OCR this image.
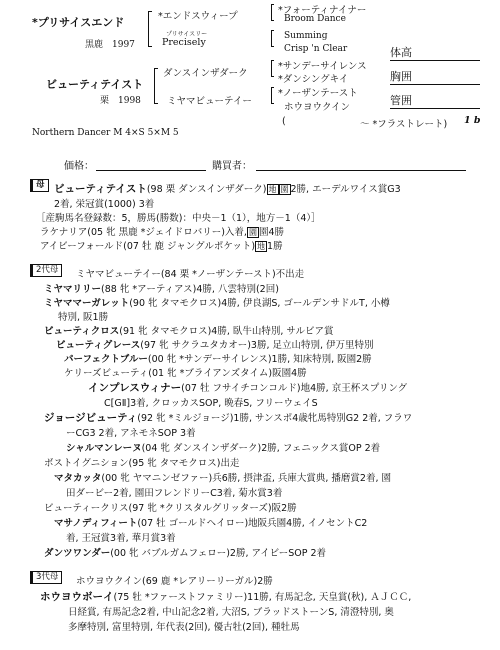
*プリサイスエンド
黒鹿　1997
*エンドスウィープ
プリサイスリー
Precisely
*フォーティナイナー
Broom Dance
Summing
Crisp 'n Clear
ビューティテイスト
栗　1998
ダンスインザダーク
ミヤマビューテイー
*サンデーサイレンス
*ダンシングキイ
*ノーザンテースト
ホウヨウクイン
(	～ *フラストレート) 1 b
体高
胸囲
管囲
Northern Dancer M 4×S 5×M 5
価格：	購買者：
母 ビューティテイスト(98 栗 ダンスインザダーク) 地 園 2勝, エーデルワイス賞G3
2着, 栄冠賞(1000) 3着
［産駒馬名登録数：5，勝馬(勝数)：中央－1（1），地方－1（4）］
ラケナリア(05 牝 黒鹿 *ジェイドロバリー)入着, 園 園4勝
アイビーフォールド(07 牡 鹿 ジャングルポケット) 地 1勝
2代母	ミヤマビューテイー(84 栗 *ノーザンテースト)不出走
ミヤマリリー(88 牝 *アーティアス)4勝, 八雲特別(2回)
ミヤママーガレット(90 牝 タマモクロス)4勝, 伊良湖S, ゴールデンサドルT, 小樽
特別, 阪1勝
ビューティクロス(91 牝 タマモクロス)4勝, 臥牛山特別, サルビア賞
ビューティグレース(97 牝 サクラユタカオー)3勝, 足立山特別, 伊万里特別
パーフェクトブルー(00 牝 *サンデーサイレンス)1勝, 知床特別, 阪園2勝
ケリーズビューティ(01 牝 *ブライアンズタイム)阪園4勝
インプレスウィナー(07 牡 フサイチコンコルド)地4勝, 京王杯スプリング
C[GⅡ]3着, クロッカスSOP, 晩春S, フリーウェイS
ジョージビューティ(92 牝 *ミルジョージ)1勝, サンスポ4歳牝馬特別G2 2着, フラワ
ーCG3 2着, アネモネSOP 3着
シャルマンレーヌ(04 牝 ダンスインザダーク)2勝, フェニックス賞OP 2着
ボストイグニション(95 牝 タマモクロス)出走
マタカッタ(00 牝 ヤマニンゼファー)兵6勝, 摂津盃, 兵庫大賞典, 播磨賞2着, 園
田ダービー2着, 園田フレンドリーC3着, 菊水賞3着
ビューティークリス(97 牝 *クリスタルグリッターズ)阪2勝
マサノディフィート(07 牡 ゴールドヘイロー)地阪兵園4勝, イノセントC2
着, 王冠賞3着, 華月賞3着
ダンツワンダー(00 牝 バブルガムフェロー)2勝, アイビーSOP 2着
3代母	ホウヨウクイン(69 鹿 *レアリーリーガル)2勝
ホウヨウボーイ(75 牡 *ファーストファミリー)11勝, 有馬記念, 天皇賞(秋), ＡＪＣＣ,
日経賞, 有馬記念2着, 中山記念2着, 大沼S, ブラッドストーンS, 清澄特別, 奥
多摩特別, 富里特別, 年代表(2回), 優古牡(2回), 種牡馬
